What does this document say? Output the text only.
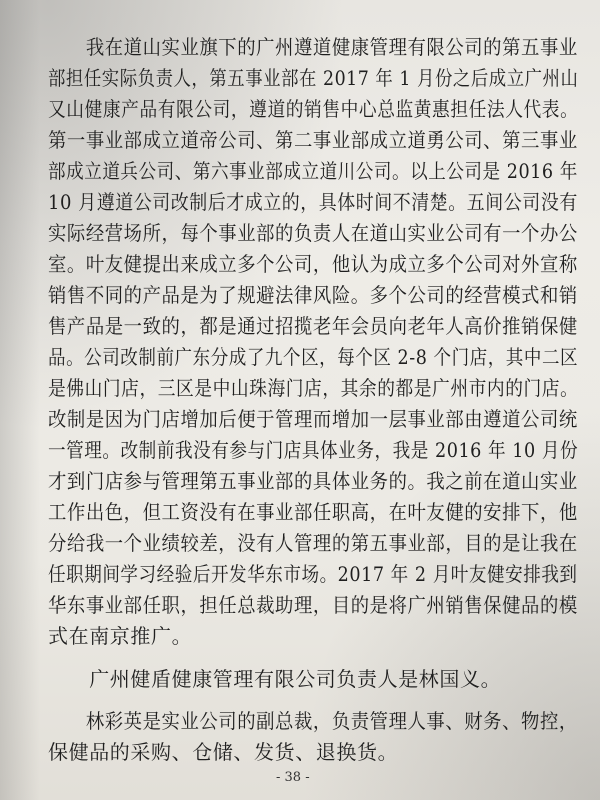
　　我在道山实业旗下的广州遵道健康管理有限公司的第五事业
部担任实际负责人，第五事业部在 2017 年 1 月份之后成立广州山
又山健康产品有限公司，遵道的销售中心总监黄惠担任法人代表。
第一事业部成立道帝公司、第二事业部成立道勇公司、第三事业
部成立道兵公司、第六事业部成立道川公司。以上公司是 2016 年
10 月遵道公司改制后才成立的，具体时间不清楚。五间公司没有
实际经营场所，每个事业部的负责人在道山实业公司有一个办公
室。叶友健提出来成立多个公司，他认为成立多个公司对外宣称
销售不同的产品是为了规避法律风险。多个公司的经营模式和销
售产品是一致的，都是通过招揽老年会员向老年人高价推销保健
品。公司改制前广东分成了九个区，每个区 2-8 个门店，其中二区
是佛山门店，三区是中山珠海门店，其余的都是广州市内的门店。
改制是因为门店增加后便于管理而增加一层事业部由遵道公司统
一管理。改制前我没有参与门店具体业务，我是 2016 年 10 月份
才到门店参与管理第五事业部的具体业务的。我之前在道山实业
工作出色，但工资没有在事业部任职高，在叶友健的安排下，他
分给我一个业绩较差，没有人管理的第五事业部，目的是让我在
任职期间学习经验后开发华东市场。2017 年 2 月叶友健安排我到
华东事业部任职，担任总裁助理，目的是将广州销售保健品的模
式在南京推广。
　　广州健盾健康管理有限公司负责人是林国义。
　　林彩英是实业公司的副总裁，负责管理人事、财务、物控，
保健品的采购、仓储、发货、退换货。
- 38 -
